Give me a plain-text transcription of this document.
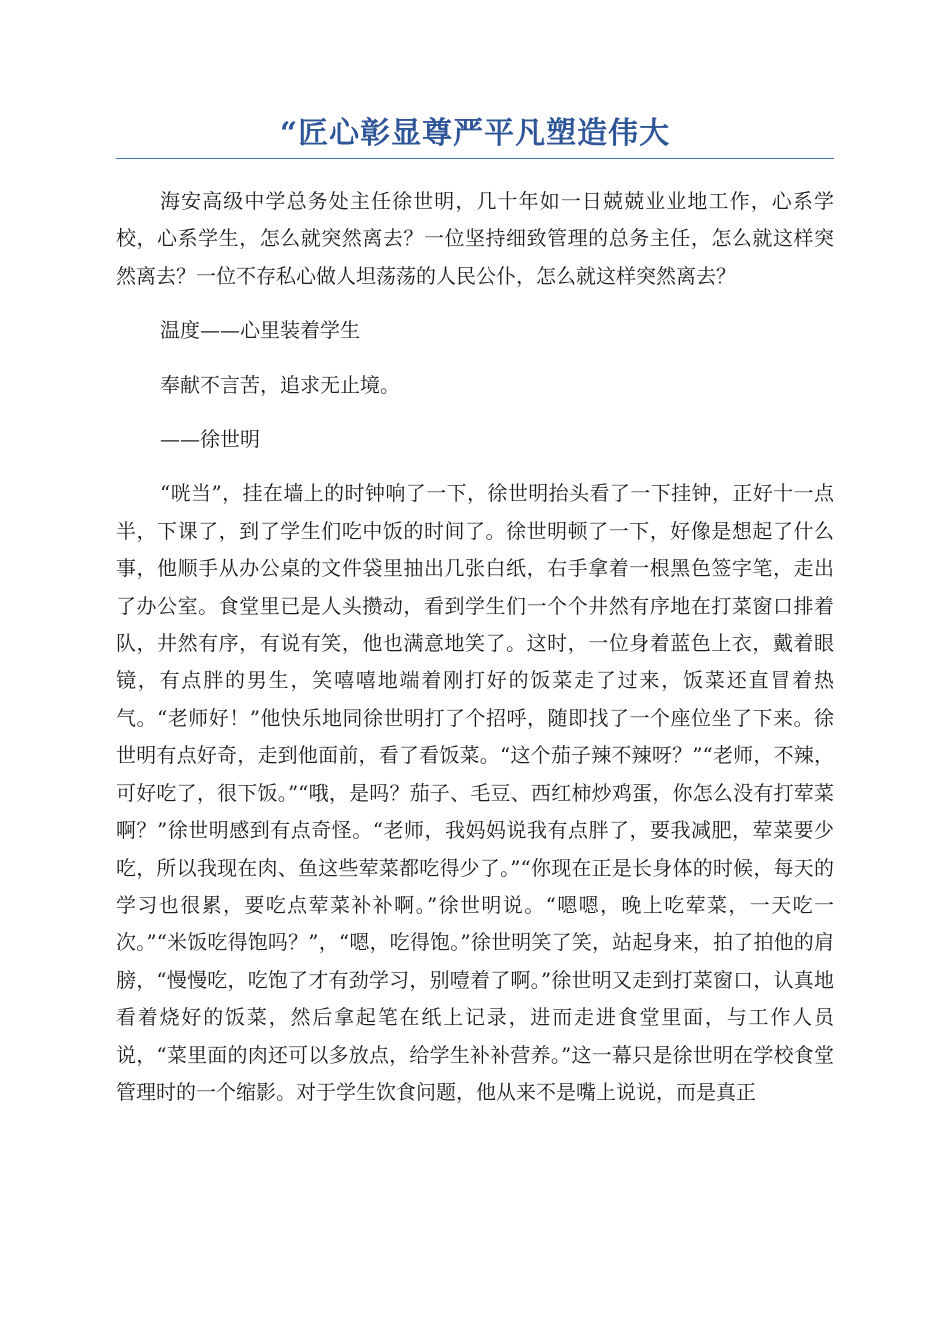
“匠心彰显尊严平凡塑造伟大

海安高级中学总务处主任徐世明，几十年如一日兢兢业业地工作，心系学校，心系学生，怎么就突然离去？一位坚持细致管理的总务主任，怎么就这样突然离去？一位不存私心做人坦荡荡的人民公仆，怎么就这样突然离去？

温度——心里装着学生

奉献不言苦，追求无止境。

——徐世明

“咣当”，挂在墙上的时钟响了一下，徐世明抬头看了一下挂钟，正好十一点半，下课了，到了学生们吃中饭的时间了。徐世明顿了一下，好像是想起了什么事，他顺手从办公桌的文件袋里抽出几张白纸，右手拿着一根黑色签字笔，走出了办公室。食堂里已是人头攒动，看到学生们一个个井然有序地在打菜窗口排着队，井然有序，有说有笑，他也满意地笑了。这时，一位身着蓝色上衣，戴着眼镜，有点胖的男生，笑嘻嘻地端着刚打好的饭菜走了过来，饭菜还直冒着热气。“老师好！”他快乐地同徐世明打了个招呼，随即找了一个座位坐了下来。徐世明有点好奇，走到他面前，看了看饭菜。“这个茄子辣不辣呀？”“老师，不辣，可好吃了，很下饭。”“哦，是吗？茄子、毛豆、西红柿炒鸡蛋，你怎么没有打荤菜啊？”徐世明感到有点奇怪。“老师，我妈妈说我有点胖了，要我减肥，荤菜要少吃，所以我现在肉、鱼这些荤菜都吃得少了。”“你现在正是长身体的时候，每天的学习也很累，要吃点荤菜补补啊。”徐世明说。“嗯嗯，晚上吃荤菜，一天吃一次。”“米饭吃得饱吗？”，“嗯，吃得饱。”徐世明笑了笑，站起身来，拍了拍他的肩膀，“慢慢吃，吃饱了才有劲学习，别噎着了啊。”徐世明又走到打菜窗口，认真地看着烧好的饭菜，然后拿起笔在纸上记录，进而走进食堂里面，与工作人员说，“菜里面的肉还可以多放点，给学生补补营养。”这一幕只是徐世明在学校食堂管理时的一个缩影。对于学生饮食问题，他从来不是嘴上说说，而是真正
